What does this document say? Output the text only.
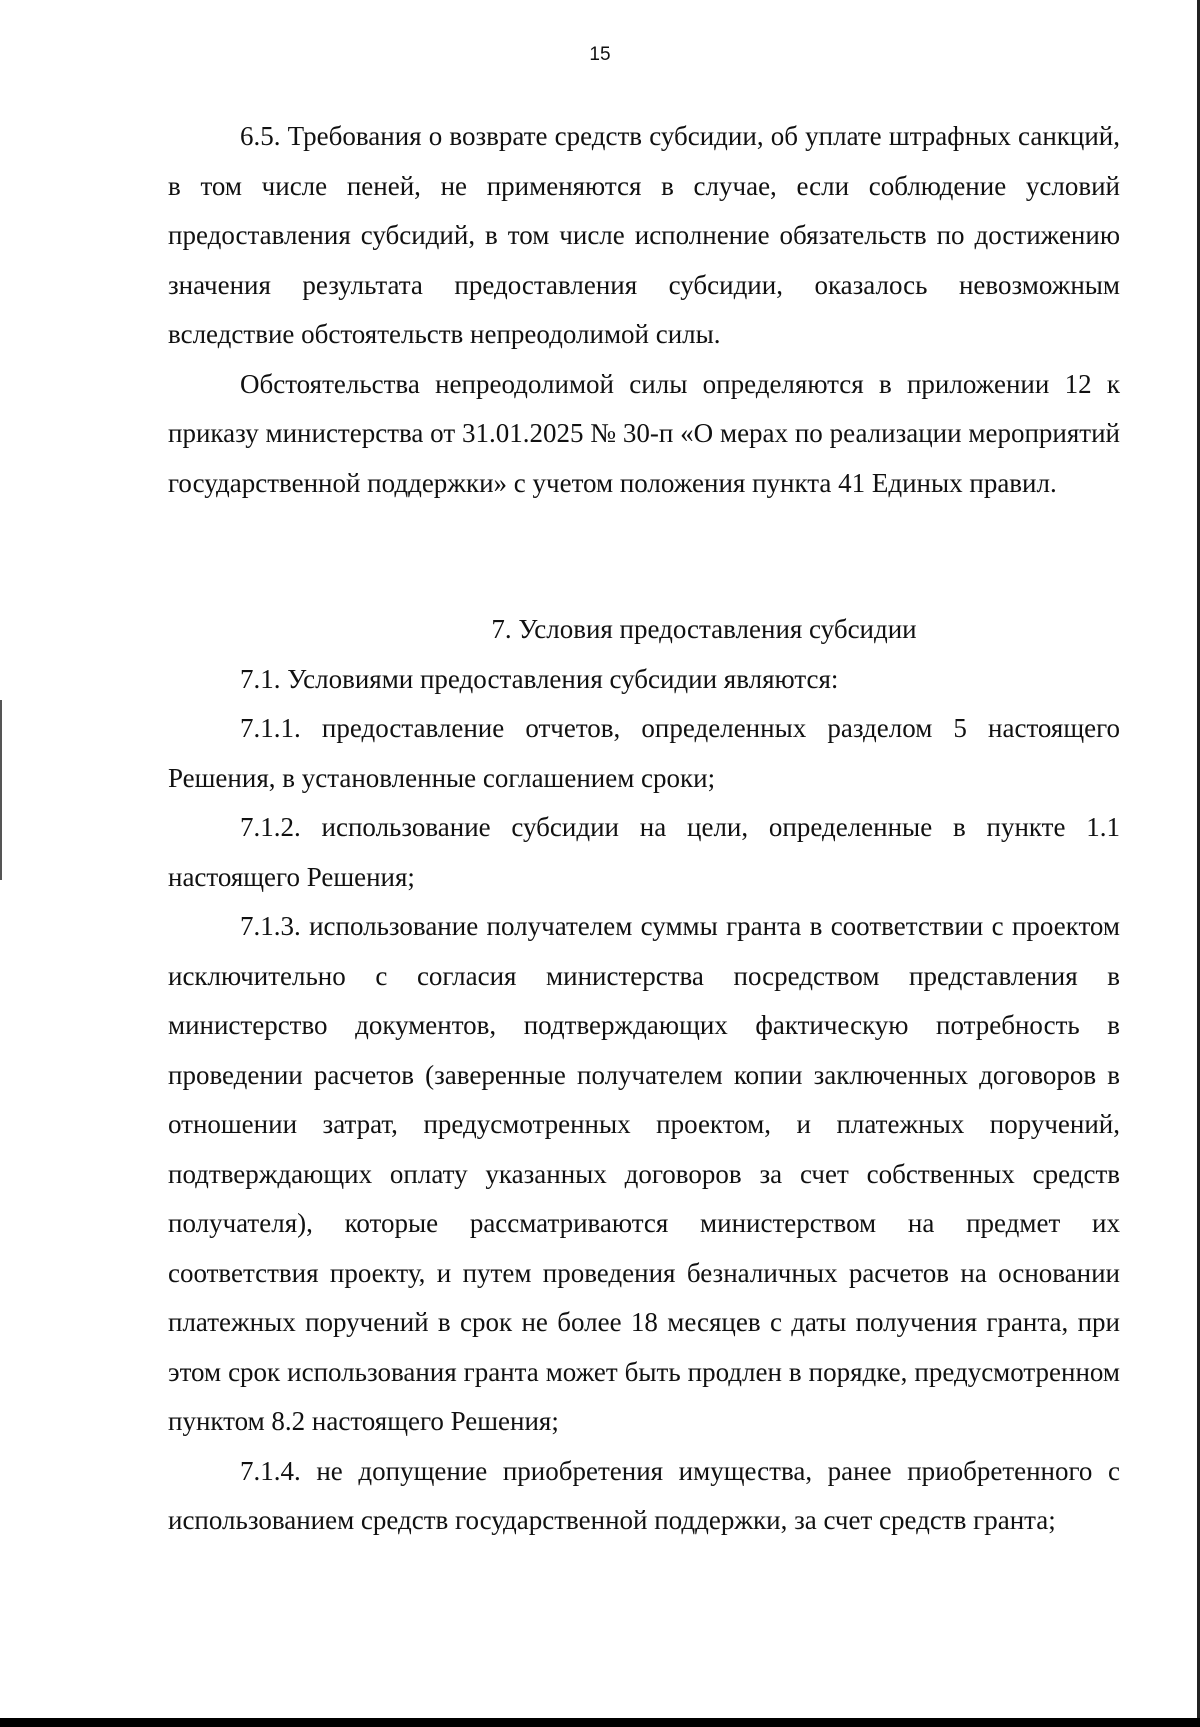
15

6.5. Требования о возврате средств субсидии, об уплате штрафных санкций, в том числе пеней, не применяются в случае, если соблюдение условий предоставления субсидий, в том числе исполнение обязательств по достижению значения результата предоставления субсидии, оказалось невозможным вследствие обстоятельств непреодолимой силы.

Обстоятельства непреодолимой силы определяются в приложении 12 к приказу министерства от 31.01.2025 № 30-п «О мерах по реализации мероприятий государственной поддержки» с учетом положения пункта 41 Единых правил.

7. Условия предоставления субсидии

7.1. Условиями предоставления субсидии являются:

7.1.1. предоставление отчетов, определенных разделом 5 настоящего Решения, в установленные соглашением сроки;

7.1.2. использование субсидии на цели, определенные в пункте 1.1 настоящего Решения;

7.1.3. использование получателем суммы гранта в соответствии с проектом исключительно с согласия министерства посредством представления в министерство документов, подтверждающих фактическую потребность в проведении расчетов (заверенные получателем копии заключенных договоров в отношении затрат, предусмотренных проектом, и платежных поручений, подтверждающих оплату указанных договоров за счет собственных средств получателя), которые рассматриваются министерством на предмет их соответствия проекту, и путем проведения безналичных расчетов на основании платежных поручений в срок не более 18 месяцев с даты получения гранта, при этом срок использования гранта может быть продлен в порядке, предусмотренном пунктом 8.2 настоящего Решения;

7.1.4. не допущение приобретения имущества, ранее приобретенного с использованием средств государственной поддержки, за счет средств гранта;
